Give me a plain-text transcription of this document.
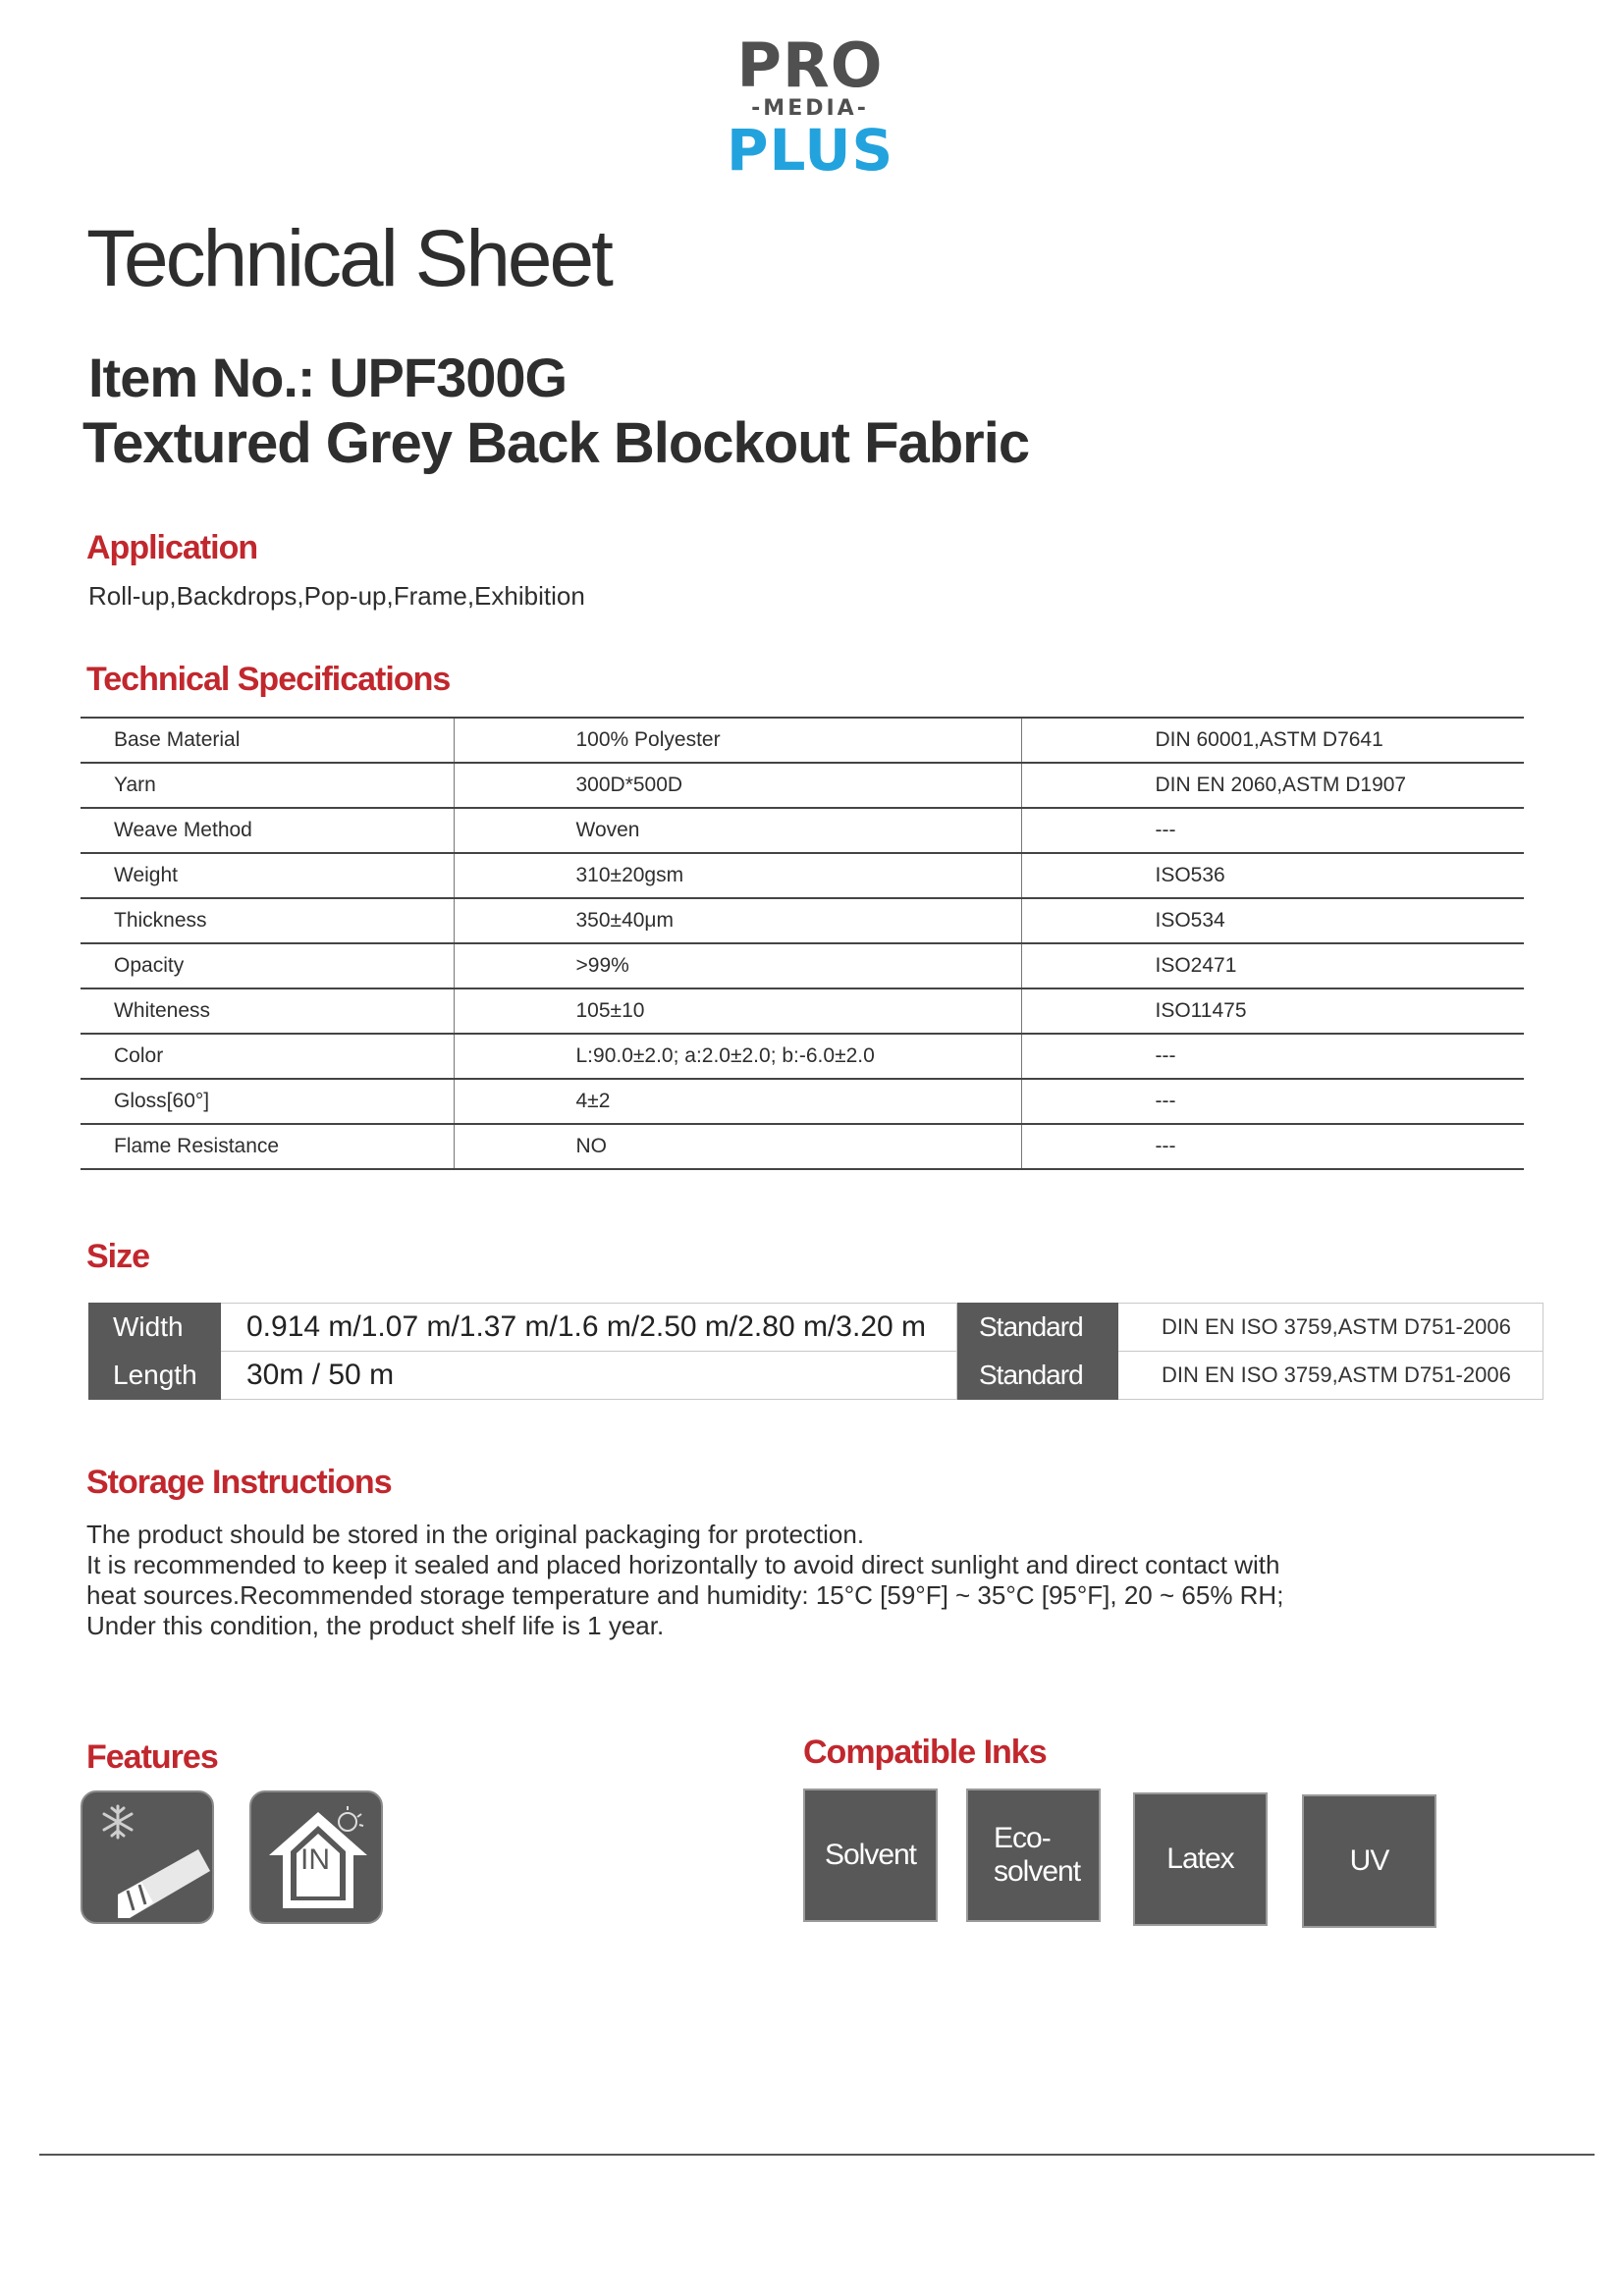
PRO
-MEDIA-
PLUS
Technical Sheet
Item No.: UPF300G
Textured Grey Back Blockout Fabric
Application
Roll-up,Backdrops,Pop-up,Frame,Exhibition
Technical Specifications
Base Material	100% Polyester	DIN 60001,ASTM D7641
Yarn	300D*500D	DIN EN 2060,ASTM D1907
Weave Method	Woven	---
Weight	310±20gsm	ISO536
Thickness	350±40μm	ISO534
Opacity	>99%	ISO2471
Whiteness	105±10	ISO11475
Color	L:90.0±2.0; a:2.0±2.0; b:-6.0±2.0	---
Gloss[60°]	4±2	---
Flame Resistance	NO	---
Size
Width	0.914 m/1.07 m/1.37 m/1.6 m/2.50 m/2.80 m/3.20 m	Standard	DIN EN ISO 3759,ASTM D751-2006
Length	30m / 50 m	Standard	DIN EN ISO 3759,ASTM D751-2006
Storage Instructions
The product should be stored in the original packaging for protection.
It is recommended to keep it sealed and placed horizontally to avoid direct sunlight and direct contact with
heat sources.Recommended storage temperature and humidity: 15°C [59°F] ~ 35°C [95°F], 20 ~ 65% RH;
Under this condition, the product shelf life is 1 year.
Features
IN
Compatible Inks
Solvent
Eco-
solvent	Latex	UV
